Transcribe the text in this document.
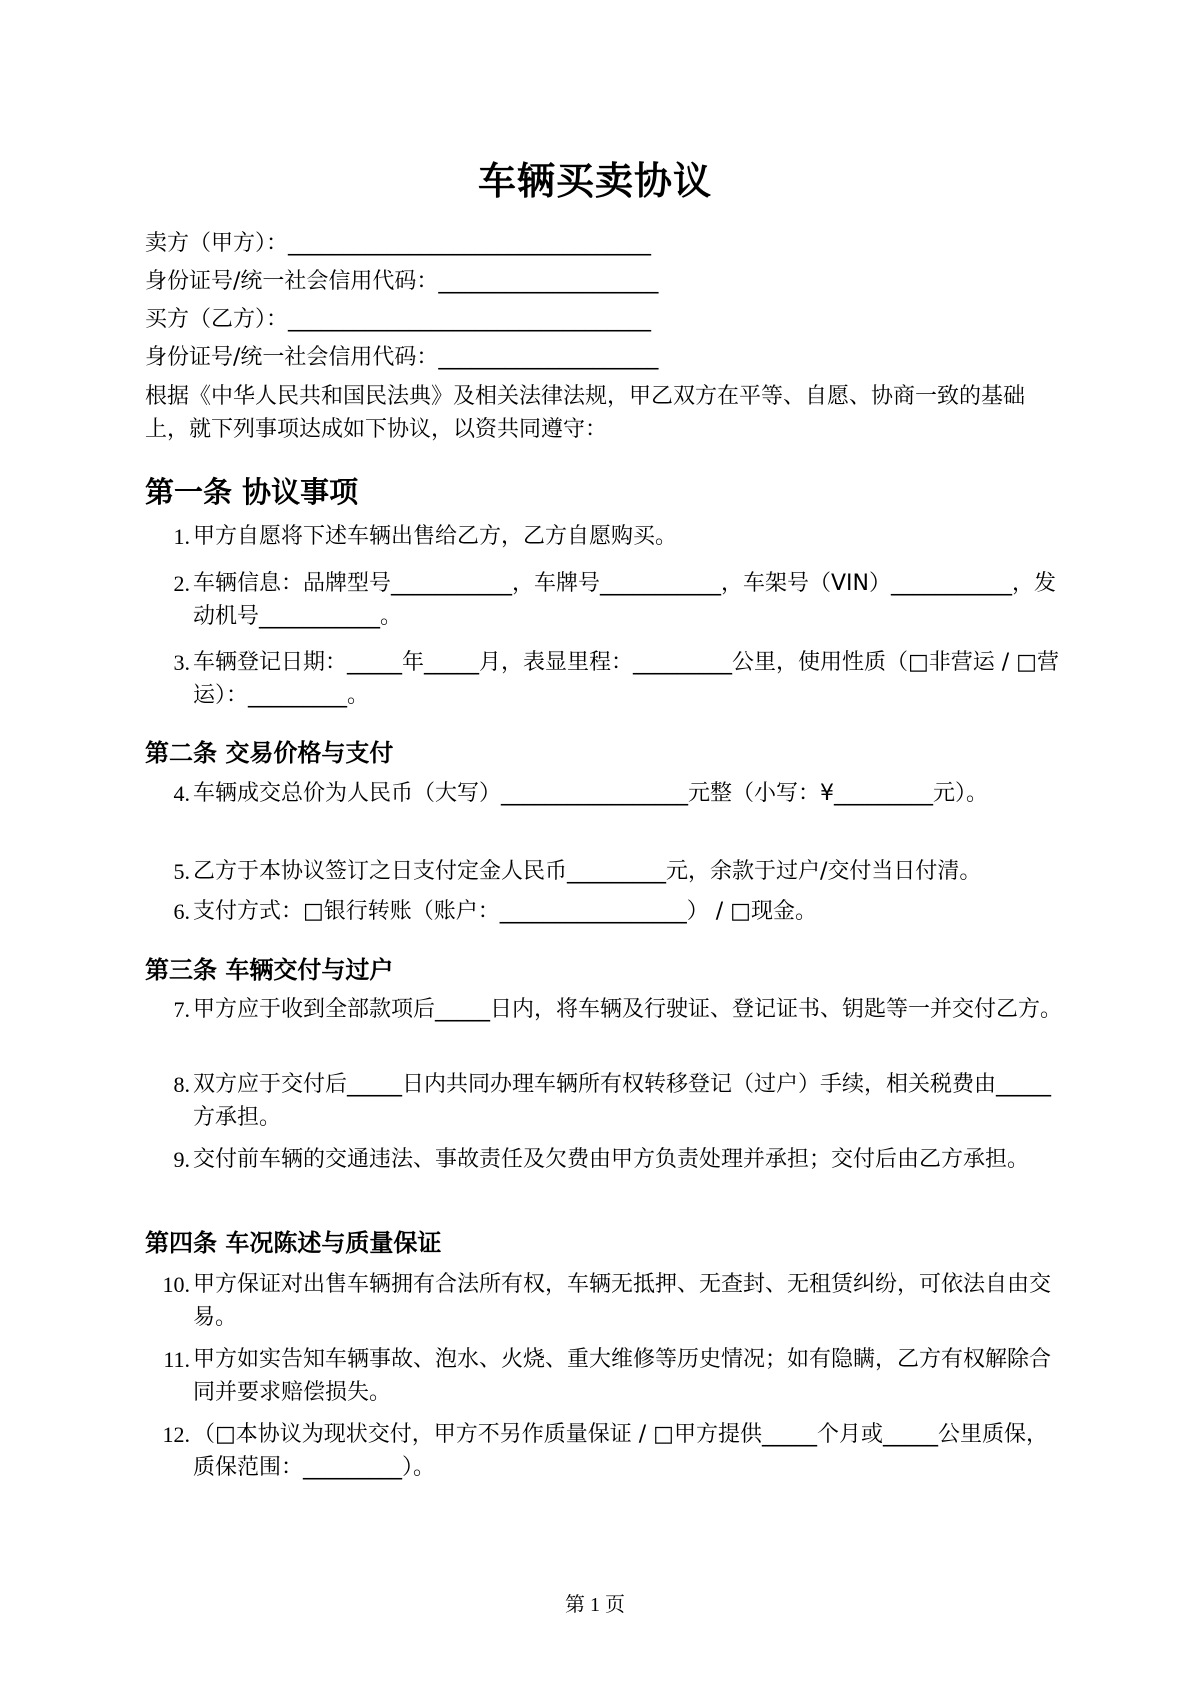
车辆买卖协议
卖方（甲方）：_________________________________
身份证号/统一社会信用代码：____________________
买方（乙方）：_________________________________
身份证号/统一社会信用代码：____________________
根据《中华人民共和国民法典》及相关法律法规，甲乙双方在平等、自愿、协商一致的基础上，就下列事项达成如下协议，以资共同遵守：
第一条 协议事项
1. 甲方自愿将下述车辆出售给乙方，乙方自愿购买。
2. 车辆信息：品牌型号___________，车牌号___________，车架号（VIN）___________，发动机号___________。
3. 车辆登记日期：_____年_____月，表显里程：_________公里，使用性质（□非营运 / □营运）：_________。
第二条 交易价格与支付
4. 车辆成交总价为人民币（大写）_________________元整（小写：¥_________元）。
5. 乙方于本协议签订之日支付定金人民币_________元，余款于过户/交付当日付清。
6. 支付方式：□银行转账（账户：_________________） / □现金。
第三条 车辆交付与过户
7. 甲方应于收到全部款项后_____日内，将车辆及行驶证、登记证书、钥匙等一并交付乙方。
8. 双方应于交付后_____日内共同办理车辆所有权转移登记（过户）手续，相关税费由_____方承担。
9. 交付前车辆的交通违法、事故责任及欠费由甲方负责处理并承担；交付后由乙方承担。
第四条 车况陈述与质量保证
10. 甲方保证对出售车辆拥有合法所有权，车辆无抵押、无查封、无租赁纠纷，可依法自由交易。
11. 甲方如实告知车辆事故、泡水、火烧、重大维修等历史情况；如有隐瞒，乙方有权解除合同并要求赔偿损失。
12. （□本协议为现状交付，甲方不另作质量保证 / □甲方提供_____个月或_____公里质保，质保范围：_________）。
第 1 页
